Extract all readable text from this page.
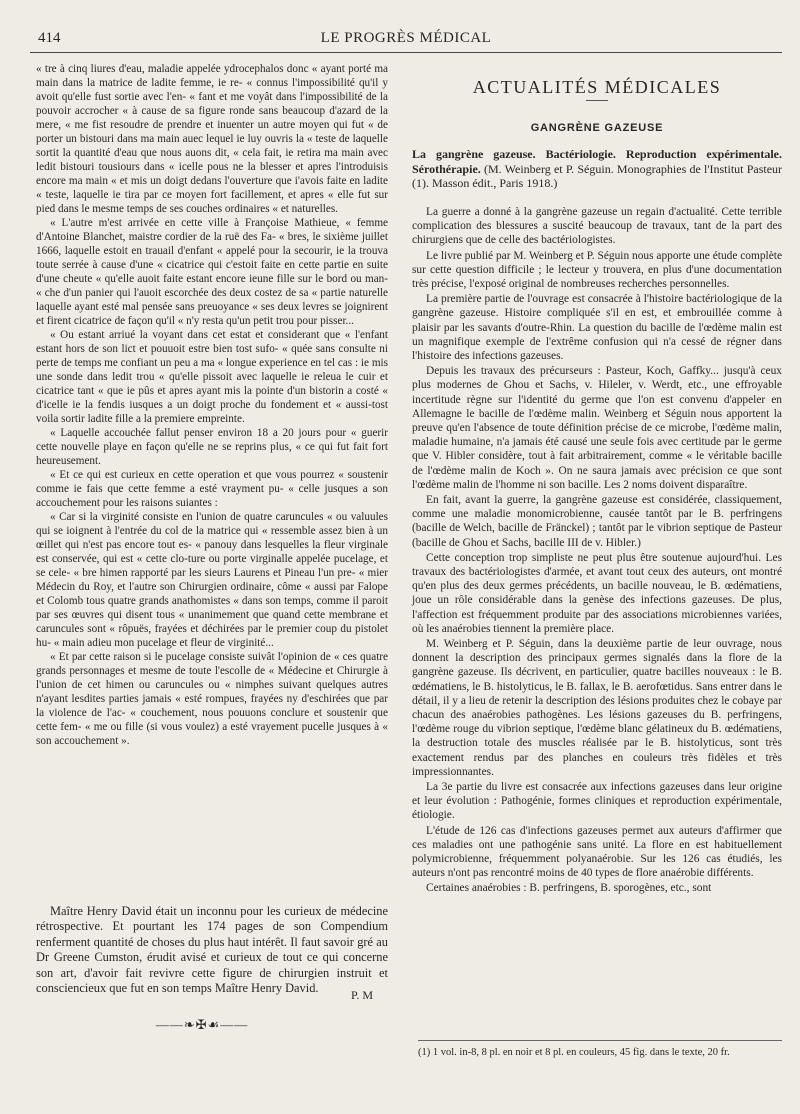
414	LE PROGRÈS MÉDICAL

« tre à cinq liures d'eau, maladie appelée ydrocephalos donc « ayant porté ma main dans la matrice de ladite femme, ie re- « connus l'impossibilité qu'il y avoit qu'elle fust sortie avec l'en- « fant et me voyât dans l'impossibilité de la pouvoir accrocher « à cause de sa figure ronde sans beaucoup d'azard de la mere, « me fist resoudre de prendre et inuenter un autre moyen qui fut « de porter un bistouri dans ma main auec lequel ie luy ouvris la « teste de laquelle sortit la quantité d'eau que nous auons dit, « cela fait, ie retira ma main avec ledit bistouri tousiours dans « icelle pous ne la blesser et apres l'introduisis encore ma main « et mis un doigt dedans l'ouverture que i'avois faite en ladite « teste, laquelle ie tira par ce moyen fort facillement, et apres « elle fut sur pied dans le mesme temps de ses couches ordinaires « et naturelles.

« L'autre m'est arrivée en cette ville à Françoise Mathieue, « femme d'Antoine Blanchet, maistre cordier de la ruë des Fa- « bres, le sixième juillet 1666, laquelle estoit en trauail d'enfant « appelé pour la secourir, ie la trouva toute serrée à cause d'une « cicatrice qui c'estoit faite en cette partie en suite d'une cheute « qu'elle auoit faite estant encore ieune fille sur le bord ou man- « che d'un panier qui l'auoit escorchée des deux costez de sa « partie naturelle laquelle ayant esté mal pensée sans preuoyance « ses deux levres se joignirent et firent cicatrice de façon qu'il « n'y resta qu'un petit trou pour pisser...

« Ou estant arriué la voyant dans cet estat et considerant que « l'enfant estant hors de son lict et pouuoit estre bien tost sufo- « quée sans consulte ni perte de temps me confiant un peu a ma « longue experience en tel cas : ie mis une sonde dans ledit trou « qu'elle pissoit avec laquelle ie releua le cuir et cicatrice tant « que ie pûs et apres ayant mis la pointe d'un bistorin a costé « d'icelle ie la fendis iusques a un doigt proche du fondement et « aussi-tost voila sortir ladite fille a la premiere empreinte.

« Laquelle accouchée fallut penser environ 18 a 20 jours pour « guerir cette nouvelle playe en façon qu'elle ne se reprins plus, « ce qui fut fait fort heureusement.

« Et ce qui est curieux en cette operation et que vous pourrez « soustenir comme ie fais que cette femme a esté vrayment pu- « celle jusques a son accouchement pour les raisons suiantes :

« Car si la virginité consiste en l'union de quatre caruncules « ou valuules qui se ioignent à l'entrée du col de la matrice qui « ressemble assez bien à un œillet qui n'est pas encore tout es- « panouy dans lesquelles la fleur virginale est conservée, qui est « cette clo-ture ou porte virginalle appelée pucelage, et se cele- « bre himen rapporté par les sieurs Laurens et Pineau l'un pre- « mier Médecin du Roy, et l'autre son Chirurgien ordinaire, côme « aussi par Falope et Colomb tous quatre grands anathomistes « dans son temps, comme il paroit par ses œuvres qui disent tous « unanimement que quand cette membrane et caruncules sont « rôpuës, frayées et déchirées par le premier coup du pistolet hu- « main adieu mon pucelage et fleur de virginité...

« Et par cette raison si le pucelage consiste suivât l'opinion de « ces quatre grands personnages et mesme de toute l'escolle de « Médecine et Chirurgie à l'union de cet himen ou caruncules ou « nimphes suivant quelques autres n'ayant lesdites parties jamais « esté rompues, frayées ny d'eschirées que par la violence de l'ac- « couchement, nous pouuons conclure et soustenir que cette fem- « me ou fille (si vous voulez) a esté vrayement pucelle jusques à « son accouchement ».

Maître Henry David était un inconnu pour les curieux de médecine rétrospective. Et pourtant les 174 pages de son Compendium renferment quantité de choses du plus haut intérêt. Il faut savoir gré au Dr Greene Cumston, érudit avisé et curieux de tout ce qui concerne son art, d'avoir fait revivre cette figure de chirurgien instruit et consciencieux que fut en son temps Maître Henry David.	P. M
——❧✠☙——
ACTUALITÉS MÉDICALES
GANGRÈNE GAZEUSE

La gangrène gazeuse. Bactériologie. Reproduction expérimentale. Sérothérapie. (M. Weinberg et P. Séguin. Monographies de l'Institut Pasteur (1). Masson édit., Paris 1918.)

La guerre a donné à la gangrène gazeuse un regain d'actualité. Cette terrible complication des blessures a suscité beaucoup de travaux, tant de la part des chirurgiens que de celle des bactériologistes.

Le livre publié par M. Weinberg et P. Séguin nous apporte une étude complète sur cette question difficile ; le lecteur y trouvera, en plus d'une documentation très précise, l'exposé original de nombreuses recherches personnelles.

La première partie de l'ouvrage est consacrée à l'histoire bactériologique de la gangrène gazeuse. Histoire compliquée s'il en est, et embrouillée comme à plaisir par les savants d'outre-Rhin. La question du bacille de l'œdème malin est un magnifique exemple de l'extrême confusion qui n'a cessé de régner dans l'histoire des infections gazeuses.

Depuis les travaux des précurseurs : Pasteur, Koch, Gaffky... jusqu'à ceux plus modernes de Ghou et Sachs, v. Hileler, v. Werdt, etc., une effroyable incertitude règne sur l'identité du germe que l'on est convenu d'appeler en Allemagne le bacille de l'œdème malin. Weinberg et Séguin nous apportent la preuve qu'en l'absence de toute définition précise de ce microbe, l'œdème malin, maladie humaine, n'a jamais été causé une seule fois avec certitude par le germe que V. Hibler considère, tout à fait arbitrairement, comme « le véritable bacille de l'œdème malin de Koch ». On ne saura jamais avec précision ce que sont l'œdème malin de l'homme ni son bacille. Les 2 noms doivent disparaître.

En fait, avant la guerre, la gangrène gazeuse est considérée, classiquement, comme une maladie monomicrobienne, causée tantôt par le B. perfringens (bacille de Welch, bacille de Fränckel) ; tantôt par le vibrion septique de Pasteur (bacille de Ghou et Sachs, bacille III de v. Hibler.)

Cette conception trop simpliste ne peut plus être soutenue aujourd'hui. Les travaux des bactériologistes d'armée, et avant tout ceux des auteurs, ont montré qu'en plus des deux germes précédents, un bacille nouveau, le B. œdématiens, joue un rôle considérable dans la genèse des infections gazeuses. De plus, l'affection est fréquemment produite par des associations microbiennes variées, où les anaérobies tiennent la première place.

M. Weinberg et P. Séguin, dans la deuxième partie de leur ouvrage, nous donnent la description des principaux germes signalés dans la flore de la gangrène gazeuse. Ils décrivent, en particulier, quatre bacilles nouveaux : le B. œdématiens, le B. histolyticus, le B. fallax, le B. aerofœtidus. Sans entrer dans le détail, il y a lieu de retenir la description des lésions produites chez le cobaye par chacun des anaérobies pathogènes. Les lésions gazeuses du B. perfringens, l'œdème rouge du vibrion septique, l'œdème blanc gélatineux du B. œdématiens, la destruction totale des muscles réalisée par le B. histolyticus, sont très exactement rendus par des planches en couleurs très fidèles et très impressionnantes.

La 3e partie du livre est consacrée aux infections gazeuses dans leur origine et leur évolution : Pathogénie, formes cliniques et reproduction expérimentale, étiologie.

L'étude de 126 cas d'infections gazeuses permet aux auteurs d'affirmer que ces maladies ont une pathogénie sans unité. La flore en est habituellement polymicrobienne, fréquemment polyanaérobie. Sur les 126 cas étudiés, les auteurs n'ont pas rencontré moins de 40 types de flore anaérobie différents.

Certaines anaérobies : B. perfringens, B. sporogènes, etc., sont

(1) 1 vol. in-8, 8 pl. en noir et 8 pl. en couleurs, 45 fig. dans le texte, 20 fr.
